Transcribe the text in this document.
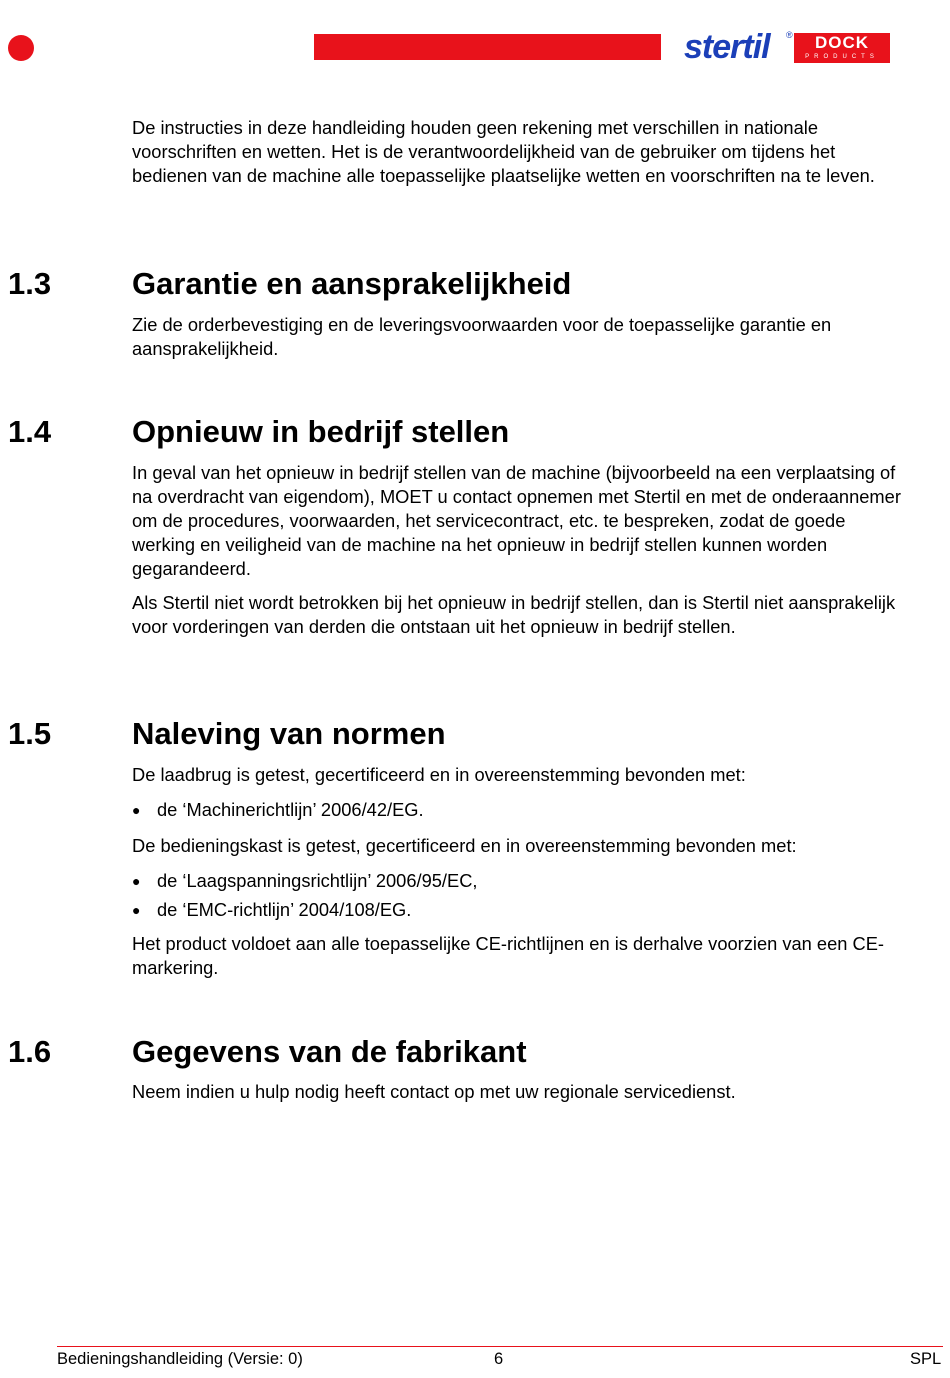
stertil	®	DOCK
PRODUCTS

De instructies in deze handleiding houden geen rekening met verschillen in nationale voorschriften en wetten. Het is de verantwoordelijkheid van de gebruiker om tijdens het bedienen van de machine alle toepasselijke plaatselijke wetten en voorschriften na te leven.

1.3	Garantie en aansprakelijkheid

Zie de orderbevestiging en de leveringsvoorwaarden voor de toepasselijke garantie en aansprakelijkheid.

1.4	Opnieuw in bedrijf stellen

In geval van het opnieuw in bedrijf stellen van de machine (bijvoorbeeld na een verplaatsing of na overdracht van eigendom), MOET u contact opnemen met Stertil en met de onderaannemer om de procedures, voorwaarden, het servicecontract, etc. te bespreken, zodat de goede werking en veiligheid van de machine na het opnieuw in bedrijf stellen kunnen worden gegarandeerd.

Als Stertil niet wordt betrokken bij het opnieuw in bedrijf stellen, dan is Stertil niet aansprakelijk voor vorderingen van derden die ontstaan uit het opnieuw in bedrijf stellen.

1.5	Naleving van normen

De laadbrug is getest, gecertificeerd en in overeenstemming bevonden met:

● de ‘Machinerichtlijn’ 2006/42/EG.

De bedieningskast is getest, gecertificeerd en in overeenstemming bevonden met:

● de ‘Laagspanningsrichtlijn’ 2006/95/EC,
● de ‘EMC-richtlijn’ 2004/108/EG.

Het product voldoet aan alle toepasselijke CE-richtlijnen en is derhalve voorzien van een CE-markering.

1.6	Gegevens van de fabrikant

Neem indien u hulp nodig heeft contact op met uw regionale servicedienst.

Bedieningshandleiding (Versie: 0)	6	SPL
